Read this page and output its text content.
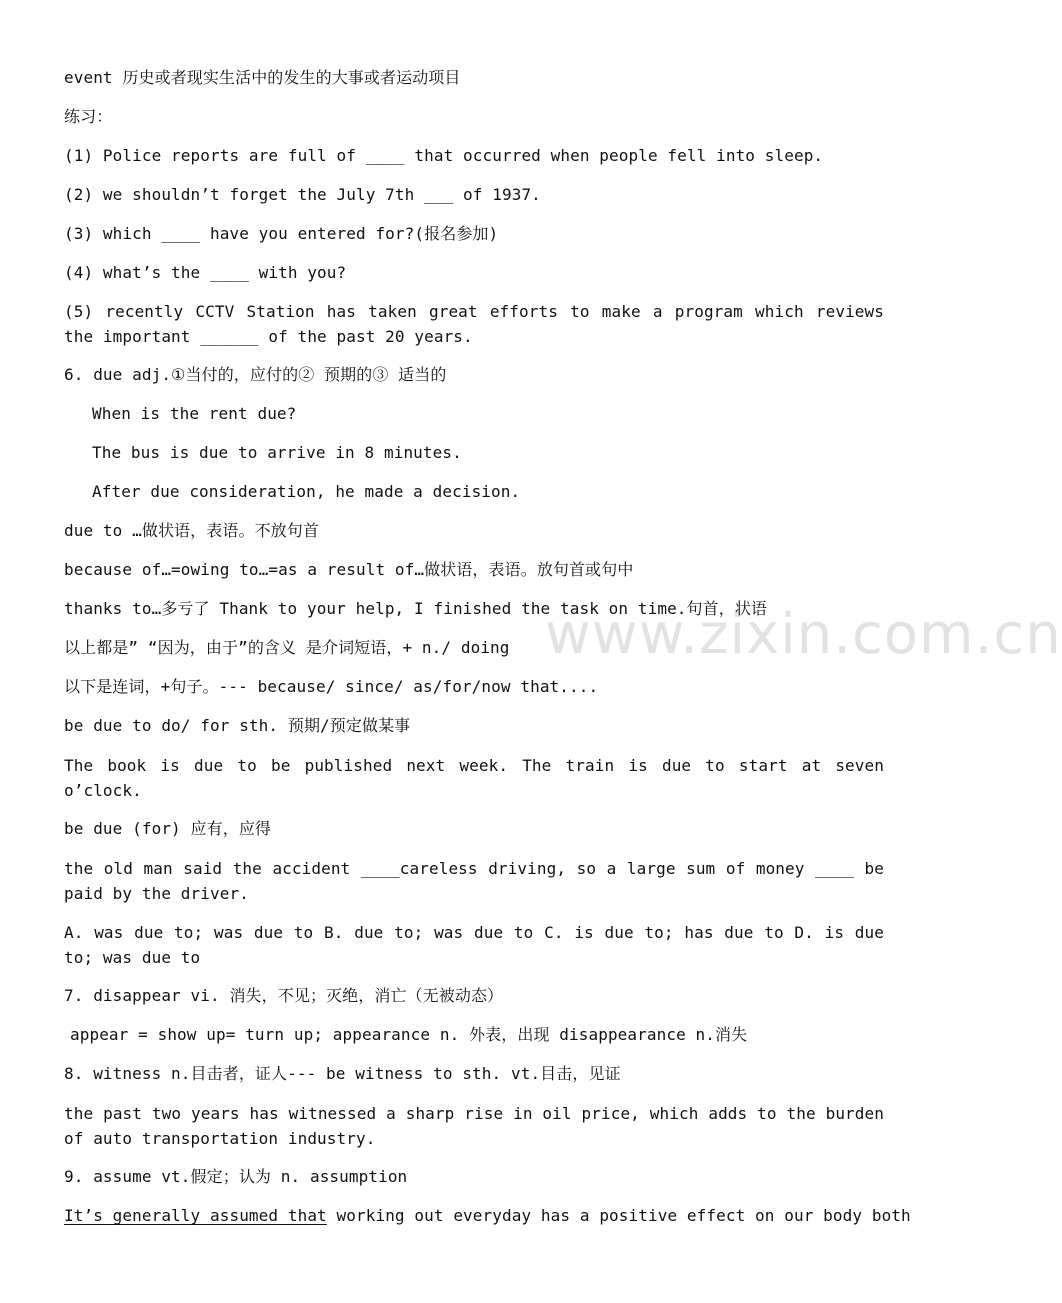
www.zixin.com.cn
event 历史或者现实生活中的发生的大事或者运动项目
练习：
(1) Police reports are full of ____ that occurred when people fell into sleep.
(2) we shouldn’t forget the July 7th ___ of 1937.
(3) which ____ have you entered for?(报名参加)
(4) what’s the ____ with you?
(5) recently CCTV Station has taken great efforts to make a program which reviews the important ______ of the past 20 years.
6. due adj.①当付的，应付的② 预期的③ 适当的
When is the rent due?
The bus is due to arrive in 8 minutes.
After due consideration, he made a decision.
due to …做状语，表语。不放句首
because of…=owing to…=as a result of…做状语，表语。放句首或句中
thanks to…多亏了 Thank to your help, I finished the task on time.句首，状语
以上都是” “因为，由于”的含义 是介词短语，+ n./ doing
以下是连词，+句子。--- because/ since/ as/for/now that....
be due to do/ for sth. 预期/预定做某事
The book is due to be published next week. The train is due to start at seven o’clock.
be due (for) 应有，应得
the old man said the accident ____careless driving, so a large sum of money ____ be paid by the driver.
A. was due to; was due to B. due to; was due to C. is due to; has due to D. is due to; was due to
7. disappear vi. 消失，不见；灭绝，消亡（无被动态）
appear = show up= turn up; appearance n. 外表，出现 disappearance n.消失
8. witness n.目击者，证人--- be witness to sth. vt.目击，见证
the past two years has witnessed a sharp rise in oil price, which adds to the burden of auto transportation industry.
9. assume vt.假定；认为 n. assumption
It’s generally assumed that working out everyday has a positive effect on our body both
